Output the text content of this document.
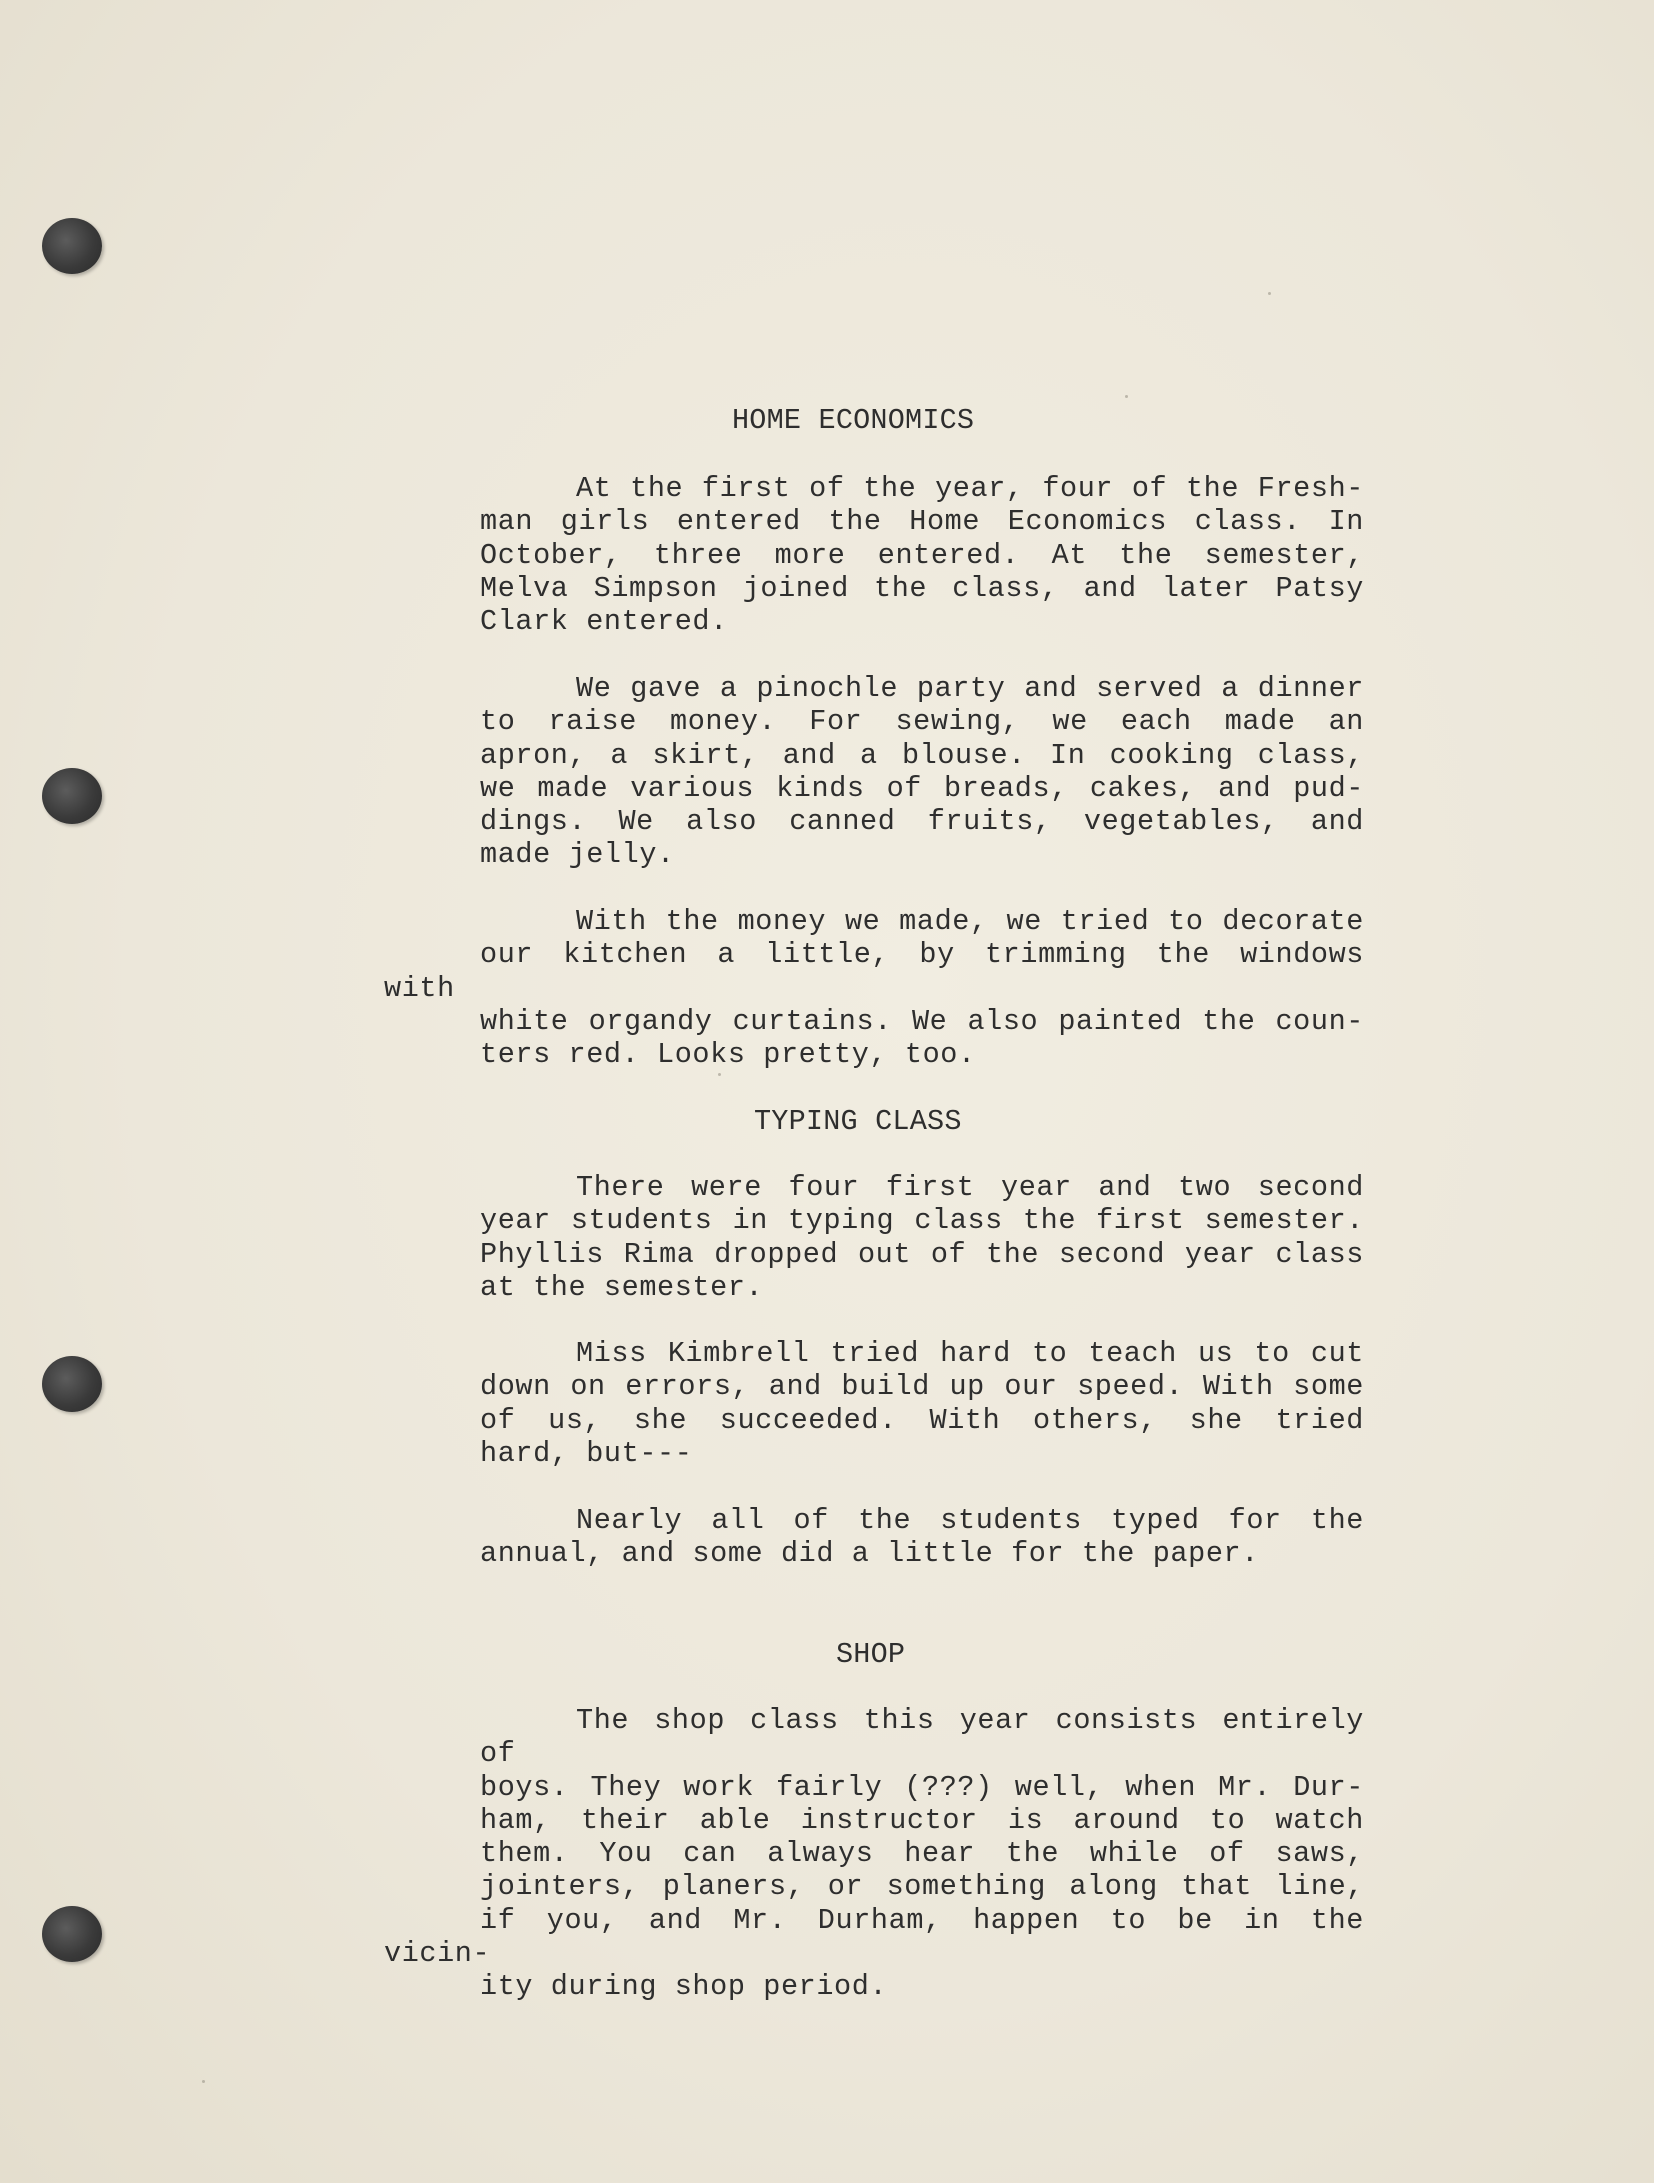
HOME ECONOMICS

At the first of the year, four of the Fresh-
man girls entered the Home Economics class. In
October, three more entered. At the semester,
Melva Simpson joined the class, and later Patsy
Clark entered.

We gave a pinochle party and served a dinner
to raise money. For sewing, we each made an
apron, a skirt, and a blouse. In cooking class,
we made various kinds of breads, cakes, and pud-
dings. We also canned fruits, vegetables, and
made jelly.

With the money we made, we tried to decorate
our kitchen a little, by trimming the windows with
white organdy curtains. We also painted the coun-
ters red. Looks pretty, too.

TYPING CLASS

There were four first year and two second
year students in typing class the first semester.
Phyllis Rima dropped out of the second year class
at the semester.

Miss Kimbrell tried hard to teach us to cut
down on errors, and build up our speed. With some
of us, she succeeded. With others, she tried
hard, but---

Nearly all of the students typed for the
annual, and some did a little for the paper.

SHOP

The shop class this year consists entirely of
boys. They work fairly (???) well, when Mr. Dur-
ham, their able instructor is around to watch
them. You can always hear the while of saws,
jointers, planers, or something along that line,
if you, and Mr. Durham, happen to be in the vicin-
ity during shop period.
